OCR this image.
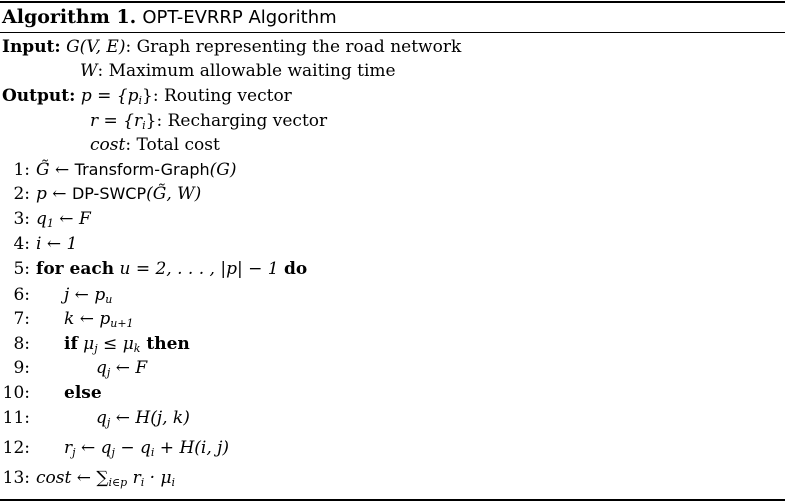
Algorithm 1. OPT-EVRRP Algorithm
Input: G(V, E): Graph representing the road network
W: Maximum allowable waiting time
Output: $p = \{p_i\}$: Routing vector
$r = \{r_i\}$: Recharging vector
cost: Total cost
1: G̃ ← Transform-Graph(G)
2: p ← DP-SWCP(G̃, W)
3: $q_1$ ← F
4: i ← 1
5: for each u = 2, . . . , |p| − 1 do
6: j ← $p_u$
7: k ← $p_{u+1}$
8: if $\mu_j \le \mu_k$ then
9:	$q_j$ ← F
10: else
11:	$q_j$ ← H(j, k)
12: $r_j$ ← $q_j - q_i + H(i$, j)
13: cost ← $\sum_{i\in p}$ $r_i \cdot \mu_i$
